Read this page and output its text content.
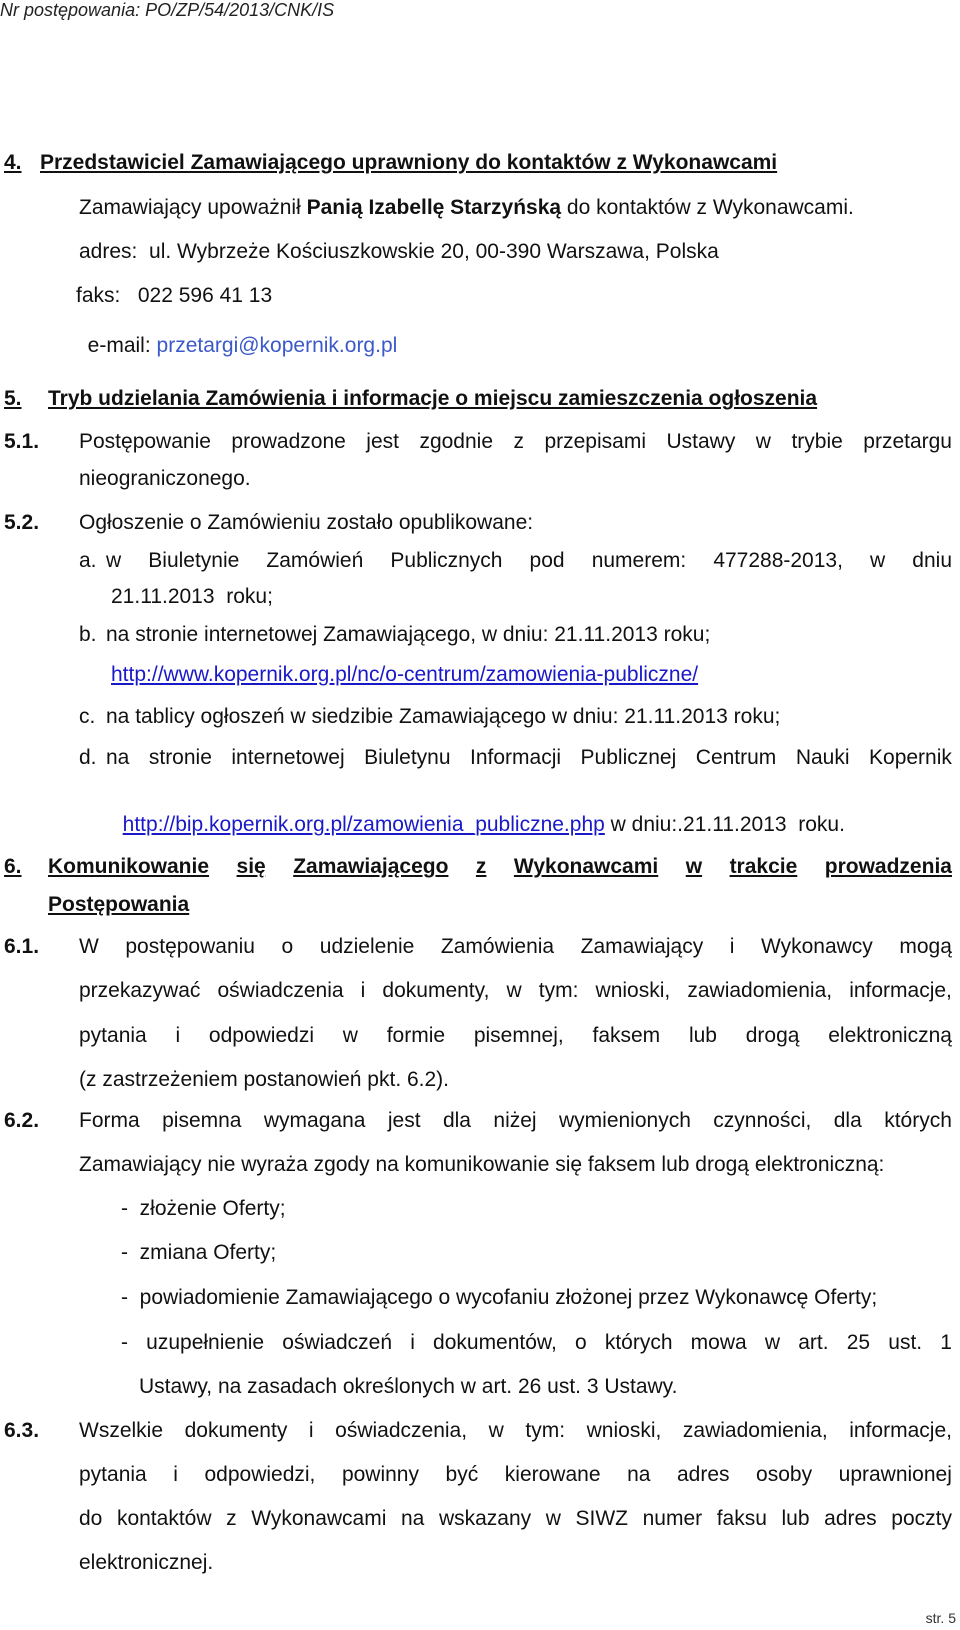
Nr postępowania: PO/ZP/54/2013/CNK/IS
4. Przedstawiciel Zamawiającego uprawniony do kontaktów z Wykonawcami
Zamawiający upoważnił Panią Izabellę Starzyńską do kontaktów z Wykonawcami.
adres:  ul. Wybrzeże Kościuszkowskie 20, 00-390 Warszawa, Polska
faks:   022 596 41 13

e-mail: przetargi@kopernik.org.pl

5. Tryb udzielania Zamówienia i informacje o miejscu zamieszczenia ogłoszenia
5.1. Postępowanie prowadzone jest zgodnie z przepisami Ustawy w trybie przetargu
nieograniczonego.
5.2. Ogłoszenie o Zamówieniu zostało opublikowane:
a. w Biuletynie Zamówień Publicznych pod numerem: 477288-2013, w dniu
21.11.2013  roku;
b. na stronie internetowej Zamawiającego, w dniu: 21.11.2013 roku;
http://www.kopernik.org.pl/nc/o-centrum/zamowienia-publiczne/
c. na tablicy ogłoszeń w siedzibie Zamawiającego w dniu: 21.11.2013 roku;
d. na stronie internetowej Biuletynu Informacji Publicznej Centrum Nauki Kopernik

http://bip.kopernik.org.pl/zamowienia_publiczne.php w dniu:.21.11.2013  roku.

6. Komunikowanie się Zamawiającego z Wykonawcami w trakcie prowadzenia
Postępowania
6.1. W postępowaniu o udzielenie Zamówienia Zamawiający i Wykonawcy mogą
przekazywać oświadczenia i dokumenty, w tym: wnioski, zawiadomienia, informacje,
pytania i odpowiedzi w formie pisemnej, faksem lub drogą elektroniczną
(z zastrzeżeniem postanowień pkt. 6.2).
6.2. Forma pisemna wymagana jest dla niżej wymienionych czynności, dla których
Zamawiający nie wyraża zgody na komunikowanie się faksem lub drogą elektroniczną:
-  złożenie Oferty;
-  zmiana Oferty;
-  powiadomienie Zamawiającego o wycofaniu złożonej przez Wykonawcę Oferty;
- uzupełnienie oświadczeń i dokumentów, o których mowa w art. 25 ust. 1
Ustawy, na zasadach określonych w art. 26 ust. 3 Ustawy.
6.3. Wszelkie dokumenty i oświadczenia, w tym: wnioski, zawiadomienia, informacje,
pytania i odpowiedzi, powinny być kierowane na adres osoby uprawnionej
do kontaktów z Wykonawcami na wskazany w SIWZ numer faksu lub adres poczty
elektronicznej.
str. 5
